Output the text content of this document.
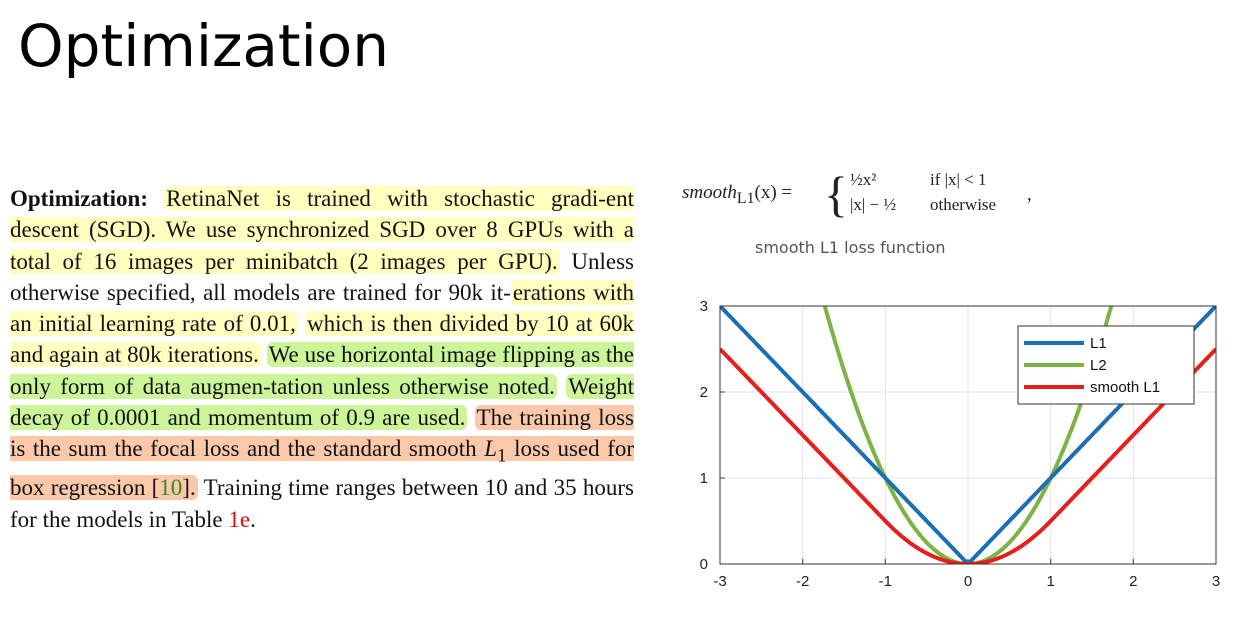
Optimization
Optimization: RetinaNet is trained with stochastic gradi-ent descent (SGD). We use synchronized SGD over 8 GPUs with a total of 16 images per minibatch (2 images per GPU). Unless otherwise specified, all models are trained for 90k it-erations with an initial learning rate of 0.01, which is then divided by 10 at 60k and again at 80k iterations. We use horizontal image flipping as the only form of data augmen-tation unless otherwise noted. Weight decay of 0.0001 and momentum of 0.9 are used. The training loss is the sum the focal loss and the standard smooth $L_1$ loss used for box regression [10]. Training time ranges between 10 and 35 hours for the models in Table 1e.
smooth$_{L1}$(x) = { ½x²
|x| − ½
if |x| < 1
otherwise ,
smooth L1 loss function
-3	-2	-1	0	1	2	3
0
1
2
3
L1
L2
smooth L1
